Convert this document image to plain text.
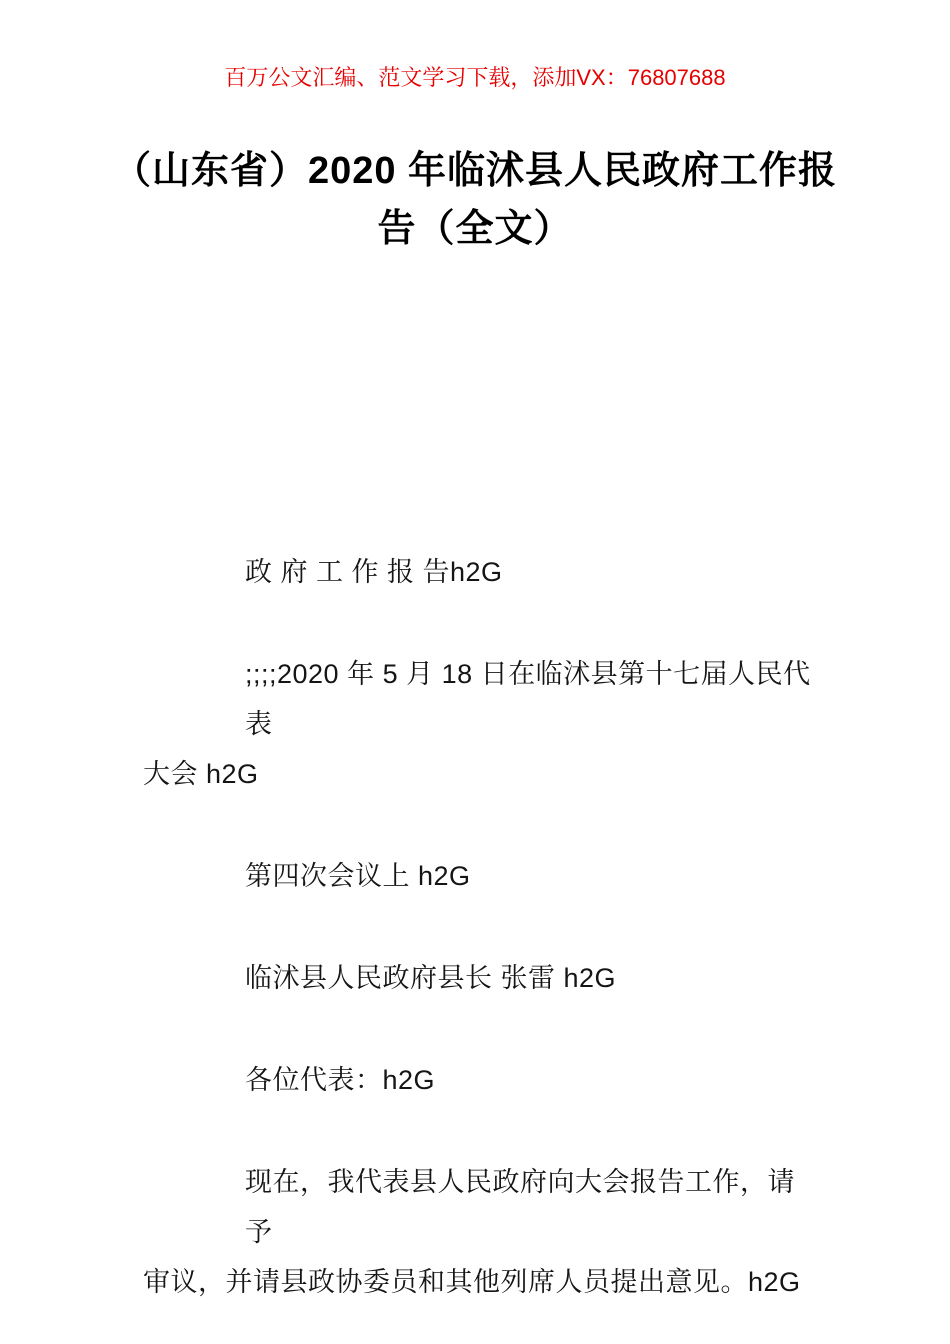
百万公文汇编、范文学习下载，添加VX：76807688
（山东省）2020 年临沭县人民政府工作报
告（全文）

政 府 工 作 报 告h2G

;;;;2020 年 5 月 18 日在临沭县第十七届人民代表
大会 h2G

第四次会议上 h2G

临沭县人民政府县长 张雷 h2G

各位代表：h2G

现在，我代表县人民政府向大会报告工作，请予
审议，并请县政协委员和其他列席人员提出意见。h2G
